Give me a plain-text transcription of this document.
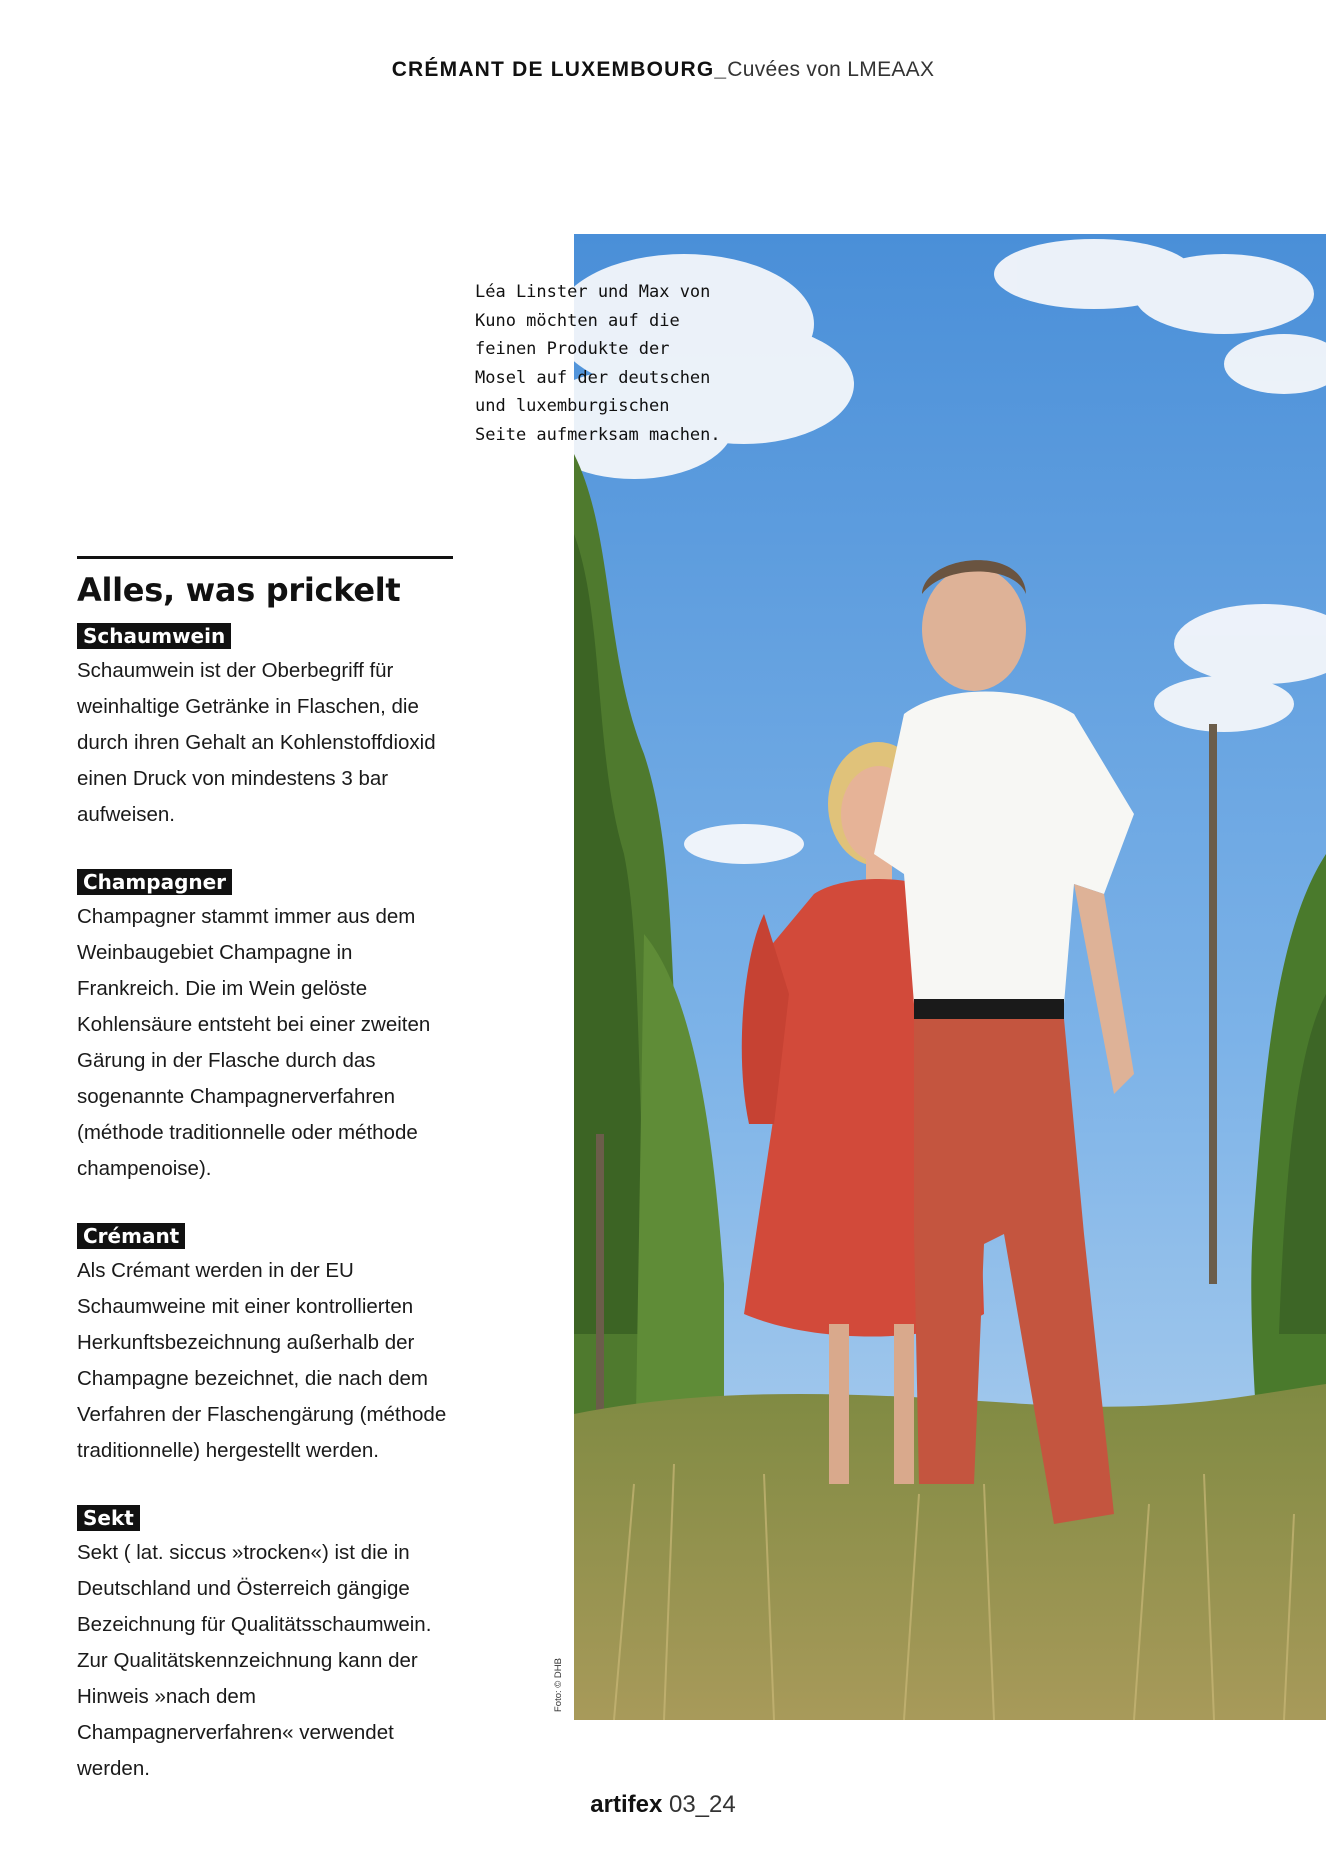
CRÉMANT DE LUXEMBOURG_Cuvées von LMEAAX
Léa Linster und Max von Kuno möchten auf die feinen Produkte der Mosel auf der deutschen und luxemburgischen Seite aufmerksam machen.
Foto: © DHB
Alles, was prickelt
Schaumwein

Schaumwein ist der Oberbegriff für weinhaltige Getränke in Flaschen, die durch ihren Gehalt an Kohlenstoffdioxid einen Druck von mindestens 3 bar aufweisen.

Champagner

Champagner stammt immer aus dem Weinbaugebiet Champagne in Frankreich. Die im Wein gelöste Kohlensäure entsteht bei einer zweiten Gärung in der Flasche durch das sogenannte Champagnerverfahren (méthode traditionnelle oder méthode champenoise).

Crémant

Als Crémant werden in der EU Schaumweine mit einer kontrollierten Herkunftsbezeichnung außerhalb der Champagne bezeichnet, die nach dem Verfahren der Flaschengärung (méthode traditionnelle) hergestellt werden.

Sekt

Sekt ( lat. siccus »trocken«) ist die in Deutschland und Österreich gängige Bezeichnung für Qualitätsschaumwein. Zur Qualitätskennzeichnung kann der Hinweis »nach dem Champagnerverfahren« verwendet werden.

artifex 03_24
